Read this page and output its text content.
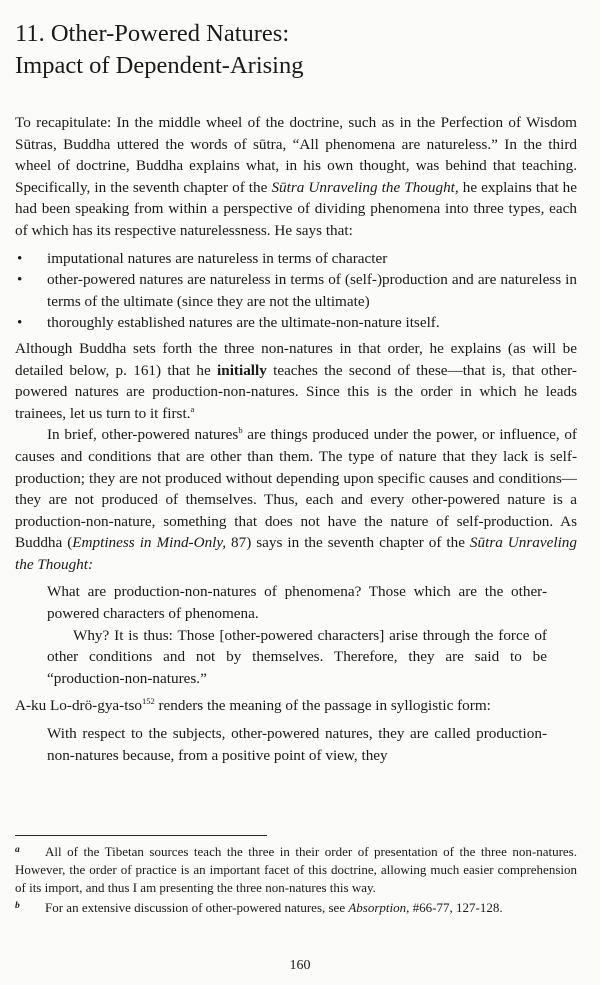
11. Other-Powered Natures:
Impact of Dependent-Arising

To recapitulate: In the middle wheel of the doctrine, such as in the Perfection of Wisdom Sūtras, Buddha uttered the words of sūtra, “All phenomena are natureless.” In the third wheel of doctrine, Buddha explains what, in his own thought, was behind that teaching. Specifically, in the seventh chapter of the Sūtra Unraveling the Thought, he explains that he had been speaking from within a perspective of dividing phenomena into three types, each of which has its respective naturelessness. He says that:

• imputational natures are natureless in terms of character
• other-powered natures are natureless in terms of (self-)production and are natureless in terms of the ultimate (since they are not the ultimate)
• thoroughly established natures are the ultimate-non-nature itself.

Although Buddha sets forth the three non-natures in that order, he explains (as will be detailed below, p. 161) that he initially teaches the second of these—that is, that other-powered natures are production-non-natures. Since this is the order in which he leads trainees, let us turn to it first.$^a$

In brief, other-powered natures$^b$ are things produced under the power, or influence, of causes and conditions that are other than them. The type of nature that they lack is self-production; they are not produced without depending upon specific causes and conditions—they are not produced of themselves. Thus, each and every other-powered nature is a production-non-nature, something that does not have the nature of self-production. As Buddha (Emptiness in Mind-Only, 87) says in the seventh chapter of the Sūtra Unraveling the Thought:

What are production-non-natures of phenomena? Those which are the other-powered characters of phenomena.

Why? It is thus: Those [other-powered characters] arise through the force of other conditions and not by themselves. Therefore, they are said to be “production-non-natures.”

A-ku Lo-drö-gya-tso$^{152}$ renders the meaning of the passage in syllogistic form:

With respect to the subjects, other-powered natures, they are called production-non-natures because, from a positive point of view, they

a All of the Tibetan sources teach the three in their order of presentation of the three non-natures. However, the order of practice is an important facet of this doctrine, allowing much easier comprehension of its import, and thus I am presenting the three non-natures this way.

b For an extensive discussion of other-powered natures, see Absorption, #66-77, 127-128.

160
